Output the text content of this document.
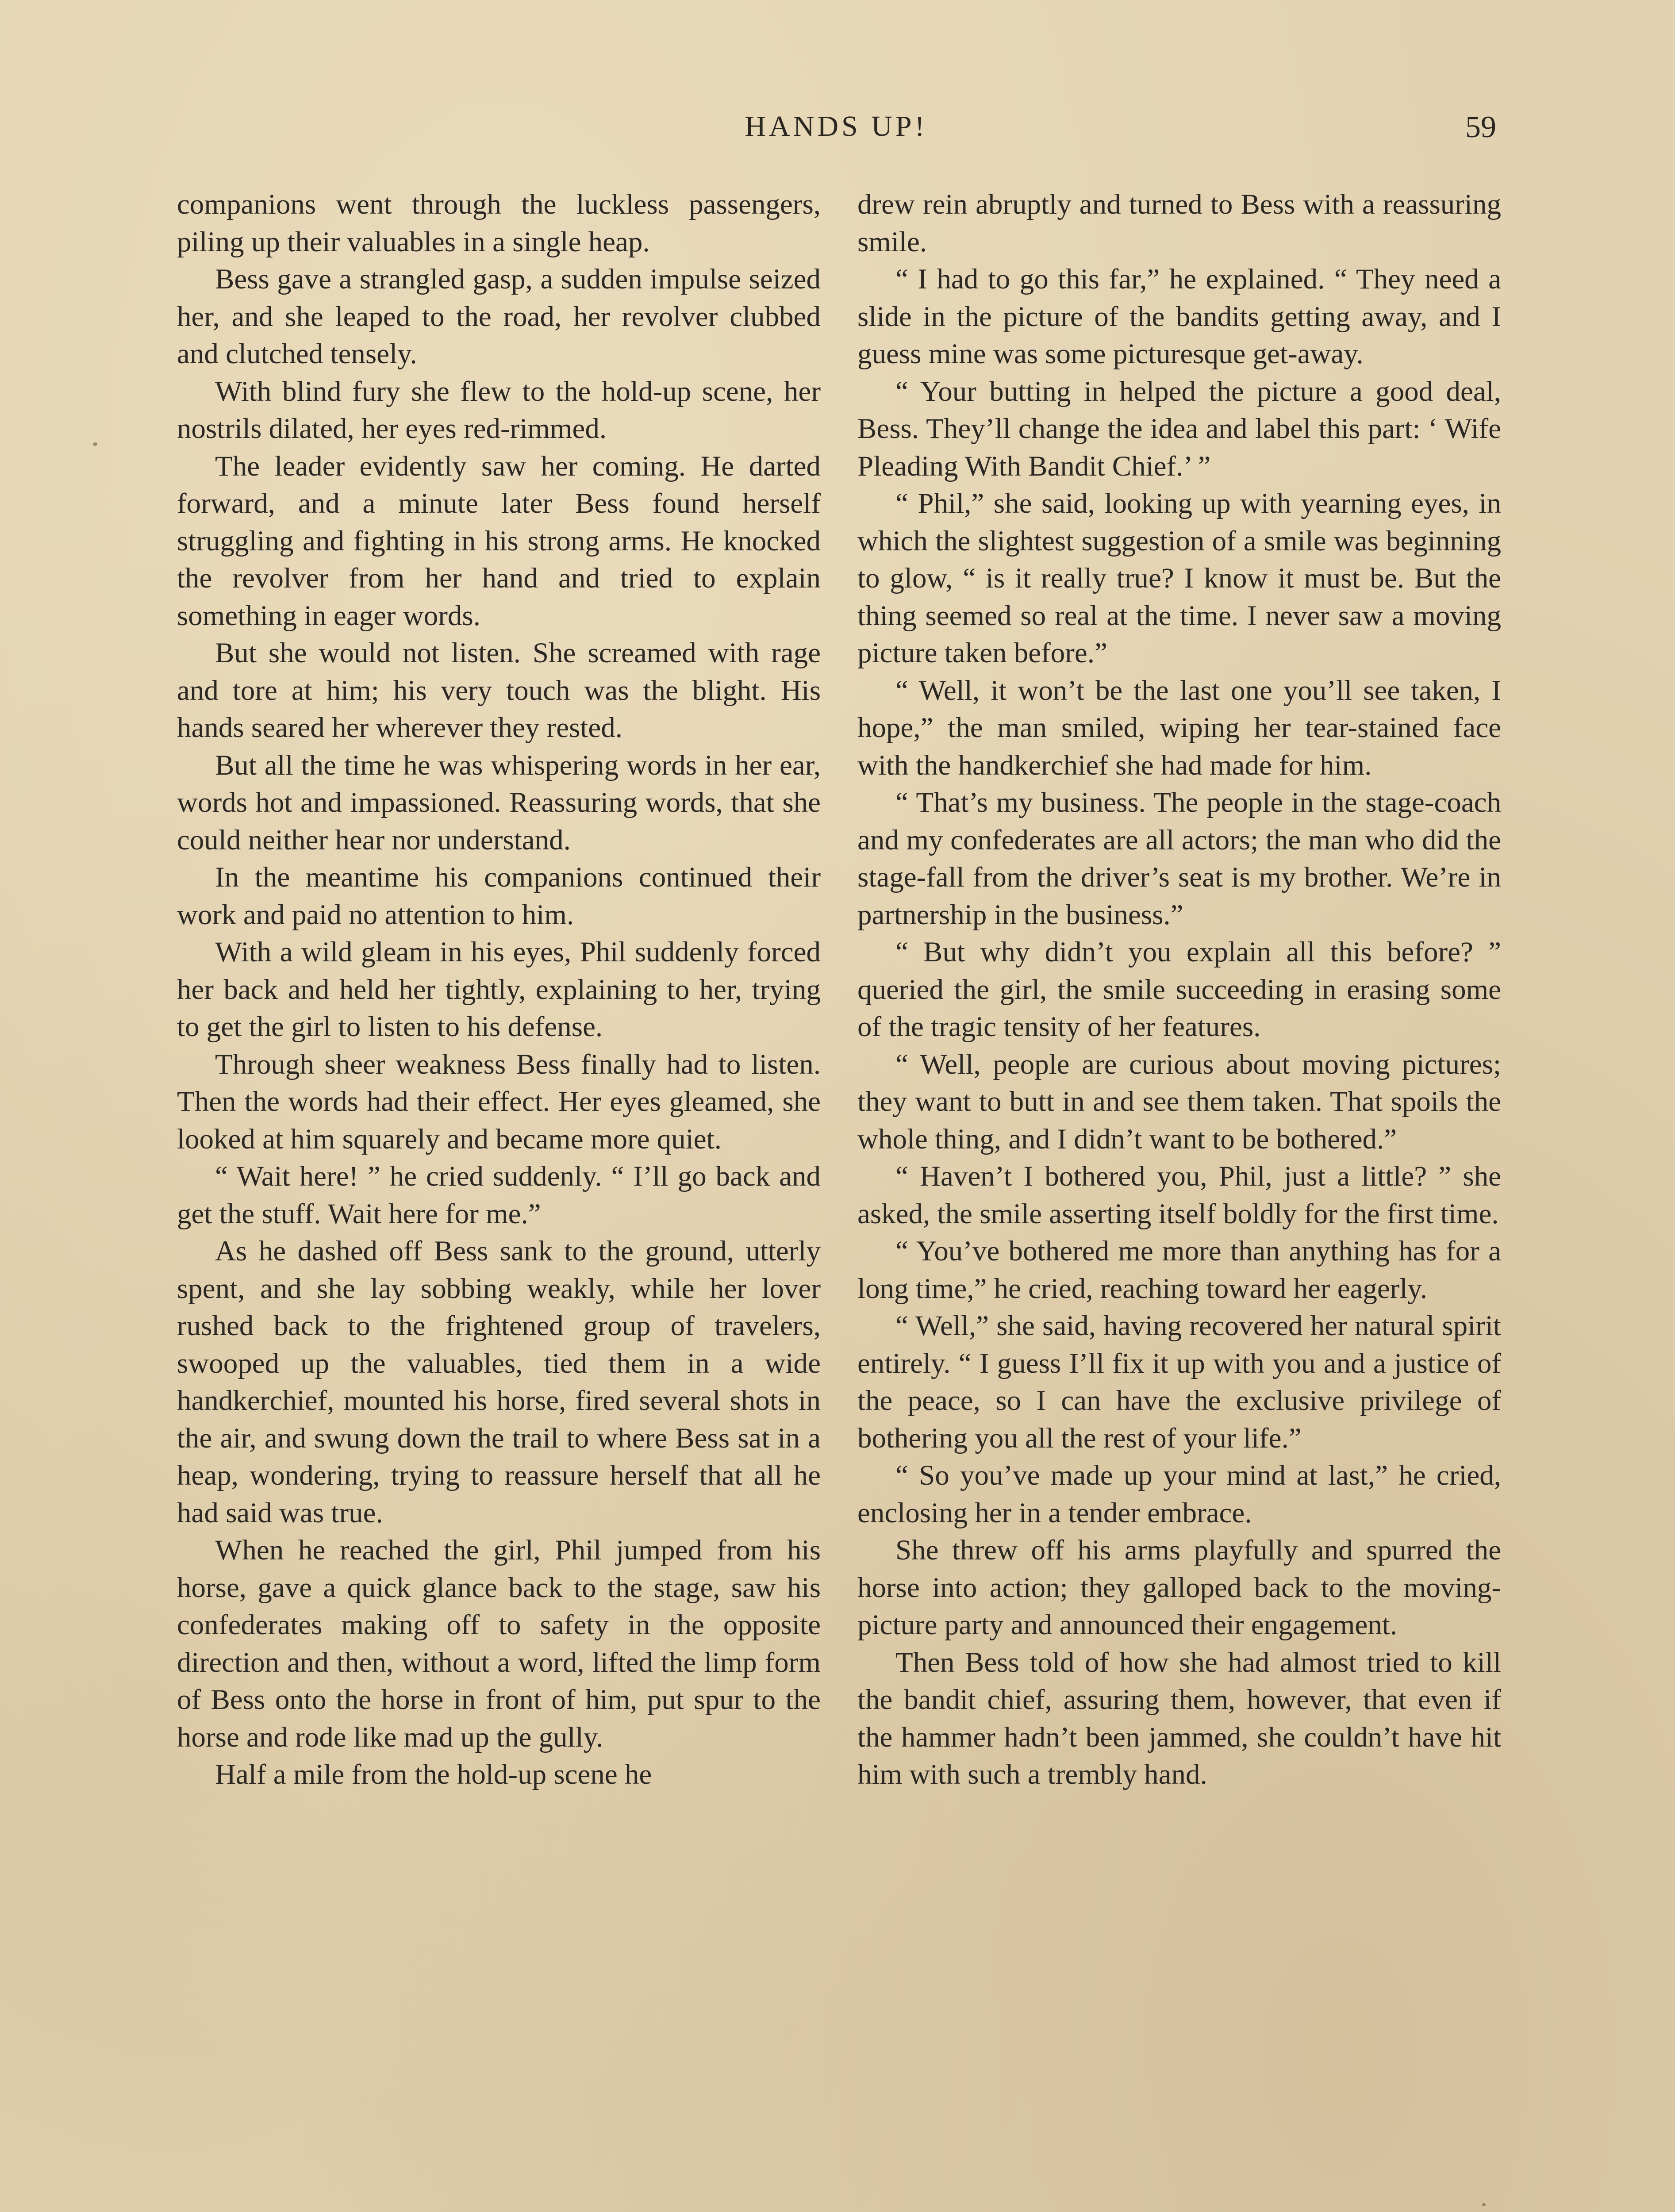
HANDS UP!	59

companions went through the luckless passengers, piling up their valuables in a single heap.

Bess gave a strangled gasp, a sudden impulse seized her, and she leaped to the road, her revolver clubbed and clutched tensely.

With blind fury she flew to the hold-up scene, her nostrils dilated, her eyes red-rimmed.

The leader evidently saw her coming. He darted forward, and a minute later Bess found herself struggling and fighting in his strong arms. He knocked the revolver from her hand and tried to explain something in eager words.

But she would not listen. She screamed with rage and tore at him; his very touch was the blight. His hands seared her wherever they rested.

But all the time he was whispering words in her ear, words hot and impassioned. Reassuring words, that she could neither hear nor understand.

In the meantime his companions continued their work and paid no attention to him.

With a wild gleam in his eyes, Phil suddenly forced her back and held her tightly, explaining to her, trying to get the girl to listen to his defense.

Through sheer weakness Bess finally had to listen. Then the words had their effect. Her eyes gleamed, she looked at him squarely and became more quiet.

“ Wait here! ” he cried suddenly. “ I’ll go back and get the stuff. Wait here for me.”

As he dashed off Bess sank to the ground, utterly spent, and she lay sobbing weakly, while her lover rushed back to the frightened group of travelers, swooped up the valuables, tied them in a wide handkerchief, mounted his horse, fired several shots in the air, and swung down the trail to where Bess sat in a heap, wondering, trying to reassure herself that all he had said was true.

When he reached the girl, Phil jumped from his horse, gave a quick glance back to the stage, saw his confederates making off to safety in the opposite direction and then, without a word, lifted the limp form of Bess onto the horse in front of him, put spur to the horse and rode like mad up the gully.

Half a mile from the hold-up scene he

drew rein abruptly and turned to Bess with a reassuring smile.

“ I had to go this far,” he explained. “ They need a slide in the picture of the bandits getting away, and I guess mine was some picturesque get-away.

“ Your butting in helped the picture a good deal, Bess. They’ll change the idea and label this part: ‘ Wife Pleading With Bandit Chief.’ ”

“ Phil,” she said, looking up with yearning eyes, in which the slightest suggestion of a smile was beginning to glow, “ is it really true? I know it must be. But the thing seemed so real at the time. I never saw a moving picture taken before.”

“ Well, it won’t be the last one you’ll see taken, I hope,” the man smiled, wiping her tear-stained face with the handkerchief she had made for him.

“ That’s my business. The people in the stage-coach and my confederates are all actors; the man who did the stage-fall from the driver’s seat is my brother. We’re in partnership in the business.”

“ But why didn’t you explain all this before? ” queried the girl, the smile succeeding in erasing some of the tragic tensity of her features.

“ Well, people are curious about moving pictures; they want to butt in and see them taken. That spoils the whole thing, and I didn’t want to be bothered.”

“ Haven’t I bothered you, Phil, just a little? ” she asked, the smile asserting itself boldly for the first time.

“ You’ve bothered me more than anything has for a long time,” he cried, reaching toward her eagerly.

“ Well,” she said, having recovered her natural spirit entirely. “ I guess I’ll fix it up with you and a justice of the peace, so I can have the exclusive privilege of bothering you all the rest of your life.”

“ So you’ve made up your mind at last,” he cried, enclosing her in a tender embrace.

She threw off his arms playfully and spurred the horse into action; they galloped back to the moving-picture party and announced their engagement.

Then Bess told of how she had almost tried to kill the bandit chief, assuring them, however, that even if the hammer hadn’t been jammed, she couldn’t have hit him with such a trembly hand.
